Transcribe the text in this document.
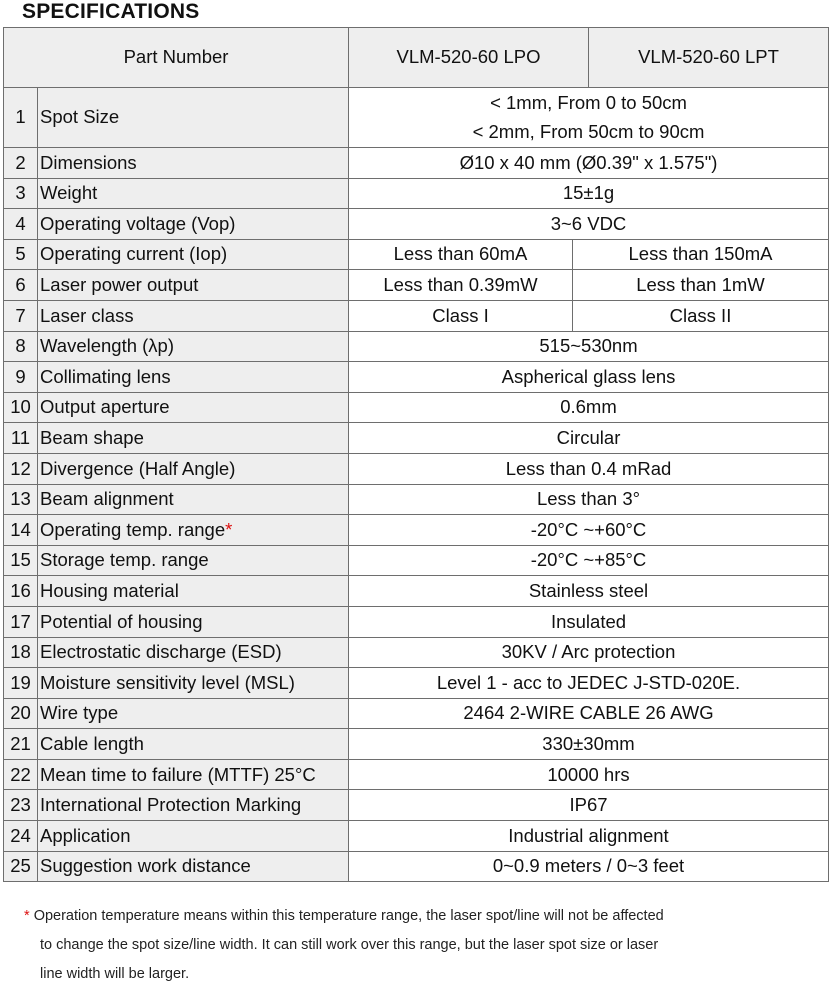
SPECIFICATIONS
Part Number		VLM-520-60 LPO		VLM-520-60 LPT
1	Spot Size	< 1mm, From 0 to 50cm
< 2mm, From 50cm to 90cm		

2	Dimensions	Ø10 x 40 mm (Ø0.39" x 1.575")		
3	Weight	15±1g		
4	Operating voltage (Vop)	3~6 VDC		
5	Operating current (Iop)	Less than 60mA	Less than 150mA	
6	Laser power output	Less than 0.39mW	Less than 1mW	
7	Laser class	Class I	Class II	
8	Wavelength (λp)	515~530nm		
9	Collimating lens	Aspherical glass lens		
10	Output aperture	0.6mm		
11	Beam shape	Circular		
12	Divergence (Half Angle)	Less than 0.4 mRad		
13	Beam alignment	Less than 3°		
14	Operating temp. range*	-20°C ~+60°C		
15	Storage temp. range	-20°C ~+85°C		
16	Housing material	Stainless steel		
17	Potential of housing	Insulated		
18	Electrostatic discharge (ESD)	30KV / Arc protection		
19	Moisture sensitivity level (MSL)	Level 1 - acc to JEDEC J-STD-020E.		
20	Wire type	2464 2-WIRE CABLE 26 AWG		
21	Cable length	330±30mm		
22	Mean time to failure (MTTF) 25°C	10000 hrs		
23	International Protection Marking	IP67		
24	Application	Industrial alignment		
25	Suggestion work distance	0~0.9 meters / 0~3 feet		
* Operation temperature means within this temperature range, the laser spot/line will not be affected
to change the spot size/line width. It can still work over this range, but the laser spot size or laser
line width will be larger.
